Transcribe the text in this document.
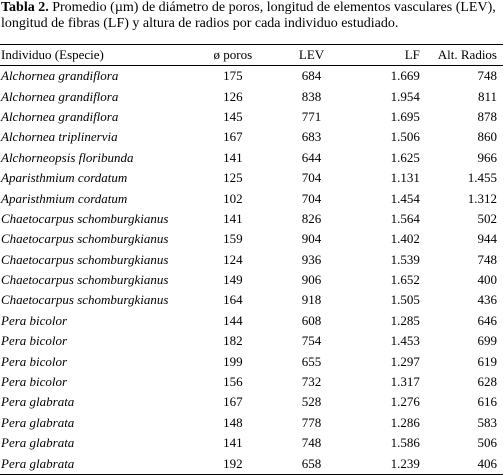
Tabla 2. Promedio (µm) de diámetro de poros, longitud de elementos vasculares (LEV), longitud de fibras (LF) y altura de radios por cada individuo estudiado.
Individuo (Especie)	ø poros	LEV	LF	Alt. Radios
Alchornea grandiflora	175	684	1.669	748
Alchornea grandiflora	126	838	1.954	811
Alchornea grandiflora	145	771	1.695	878
Alchornea triplinervia	167	683	1.506	860
Alchorneopsis floribunda	141	644	1.625	966
Aparisthmium cordatum	125	704	1.131	1.455
Aparisthmium cordatum	102	704	1.454	1.312
Chaetocarpus schomburgkianus	141	826	1.564	502
Chaetocarpus schomburgkianus	159	904	1.402	944
Chaetocarpus schomburgkianus	124	936	1.539	748
Chaetocarpus schomburgkianus	149	906	1.652	400
Chaetocarpus schomburgkianus	164	918	1.505	436
Pera bicolor	144	608	1.285	646
Pera bicolor	182	754	1.453	699
Pera bicolor	199	655	1.297	619
Pera bicolor	156	732	1.317	628
Pera glabrata	167	528	1.276	616
Pera glabrata	148	778	1.286	583
Pera glabrata	141	748	1.586	506
Pera glabrata	192	658	1.239	406
